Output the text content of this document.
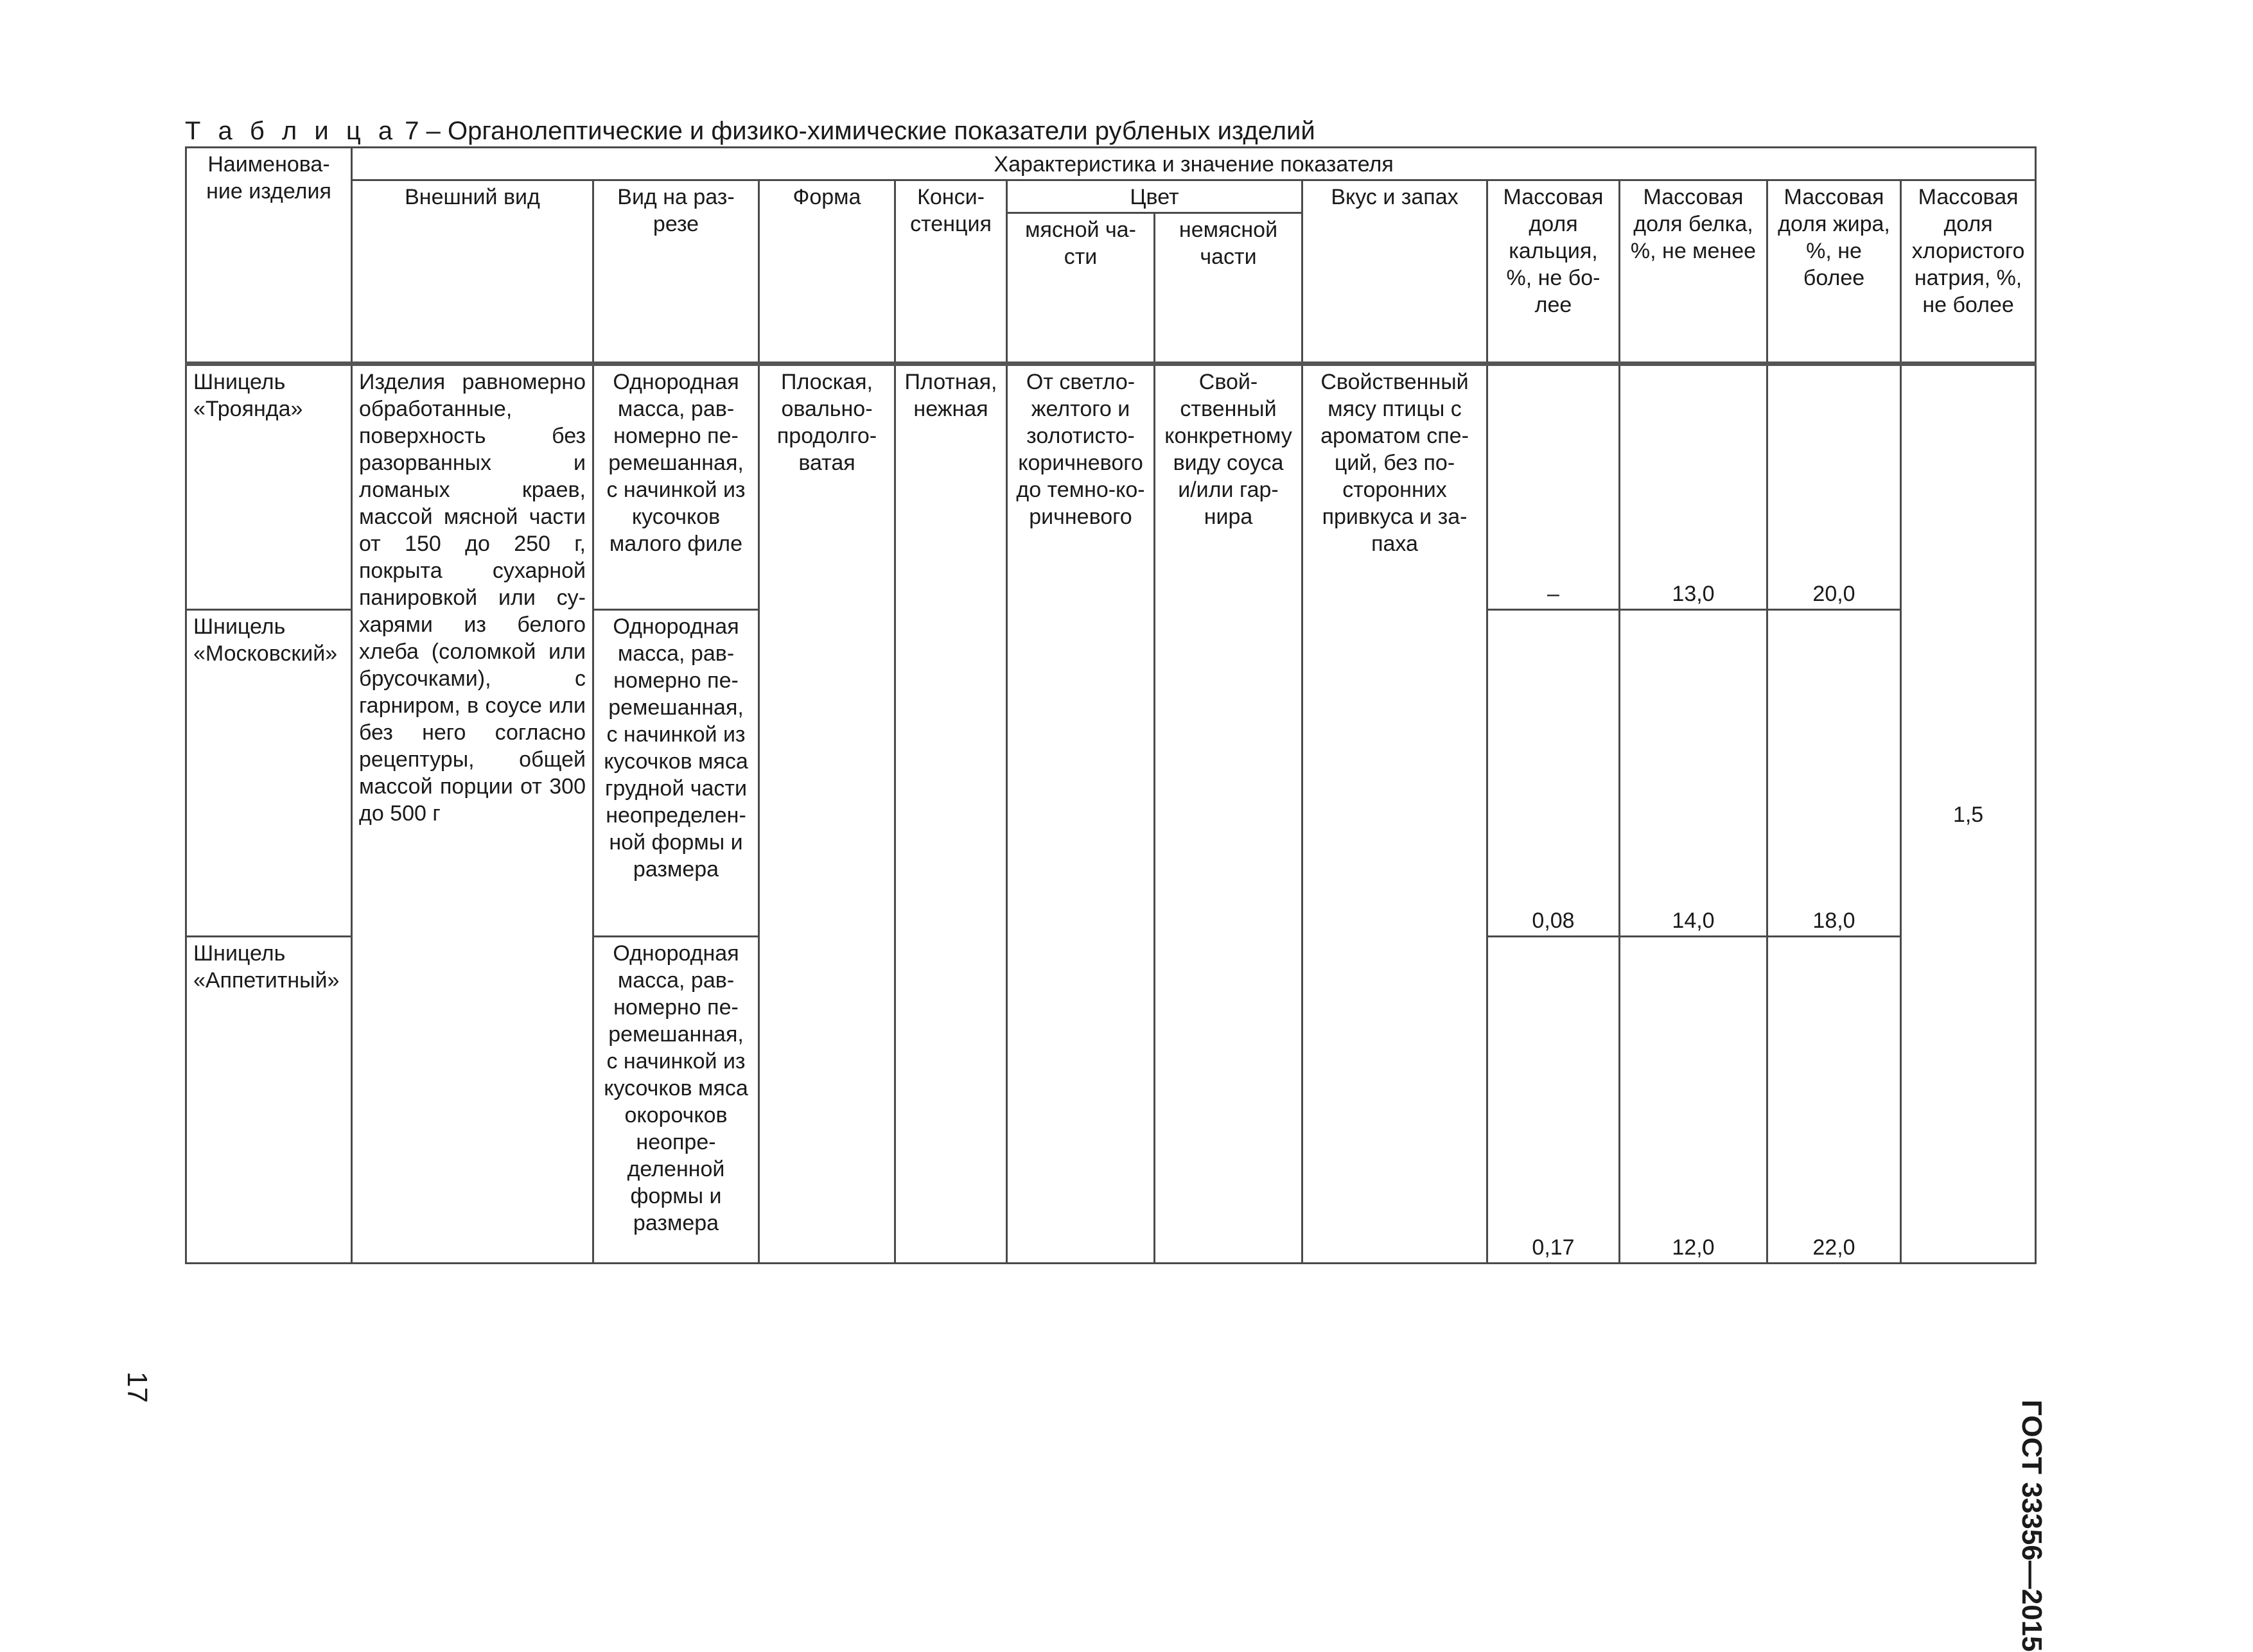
Т а б л и ц а 7 – Органолептические и физико-химические показатели рубленых изделий
Наименование изделия	Характеристика и значение показателя										
	Внешний вид	Вид на разрезе	Форма	Консистенция	Цвет		Вкус и запах	Массовая доля кальция, %, не более	Массовая доля белка, %, не менее	Массовая доля жира, %, не более	Массовая доля хлористого натрия, %, не более
					мясной части	немясной части					
Шницель «Троянда»	Изделия равномерно обработанные, поверхность без разорванных и ломаных краев, массой мясной части от 150 до 250 г, покрыта сухарной панировкой или сухарями из белого хлеба (соломкой или брусочками), с гарниром, в соусе или без него согласно рецептуры, общей массой порции от 300 до 500 г	Однородная масса, равномерно перемешанная, с начинкой из кусочков малого филе	Плоская, овально-продолговатая	Плотная, нежная	От светло-желтого и золотисто-коричневого до темно-коричневого	Свойственный конкретному виду соуса и/или гарнира	Свойственный мясу птицы с ароматом специй, без посторонних привкуса и запаха	–	13,0	20,0	1,5
Шницель «Московский»		Однородная масса, равномерно перемешанная, с начинкой из кусочков мяса грудной части неопределенной формы и размера						0,08	14,0	18,0	
Шницель «Аппетитный»		Однородная масса, равномерно перемешанная, с начинкой из кусочков мяса окорочков неопределенной формы и размера						0,17	12,0	22,0	
ГОСТ 33356—2015
17
